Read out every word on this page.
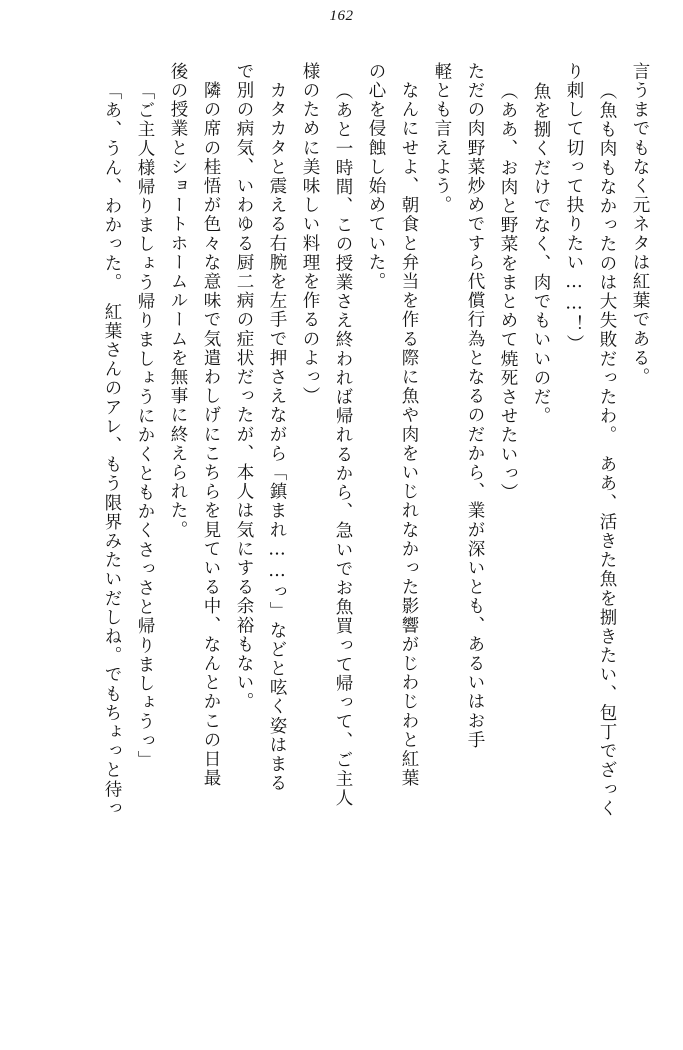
162
言うまでもなく元ネタは紅葉である。
（魚も肉もなかったのは大失敗だったわ。　ああ、活きた魚を捌きたい、包丁でざっく
り刺して切って抉りたい……！）
魚を捌くだけでなく、肉でもいいのだ。
（ああ、お肉と野菜をまとめて焼死させたいっ）
ただの肉野菜炒めですら代償行為となるのだから、業が深いとも、あるいはお手
軽とも言えよう。
　なんにせよ、朝食と弁当を作る際に魚や肉をいじれなかった影響がじわじわと紅葉
の心を侵蝕し始めていた。
（あと一時間、この授業さえ終われば帰れるから、急いでお魚買って帰って、ご主人
様のために美味しい料理を作るのよっ）
　カタカタと震える右腕を左手で押さえながら「鎮まれ……っ」などと呟く姿はまる
で別の病気、いわゆる厨二病の症状だったが、本人は気にする余裕もない。
　隣の席の桂悟が色々な意味で気遣わしげにこちらを見ている中、なんとかこの日最
後の授業とショートホームルームを無事に終えられた。
「ご主人様帰りましょう帰りましょうにかくともかくさっさと帰りましょうっ」
「あ、うん、わかった。　紅葉さんのアレ、もう限界みたいだしね。でもちょっと待っ
